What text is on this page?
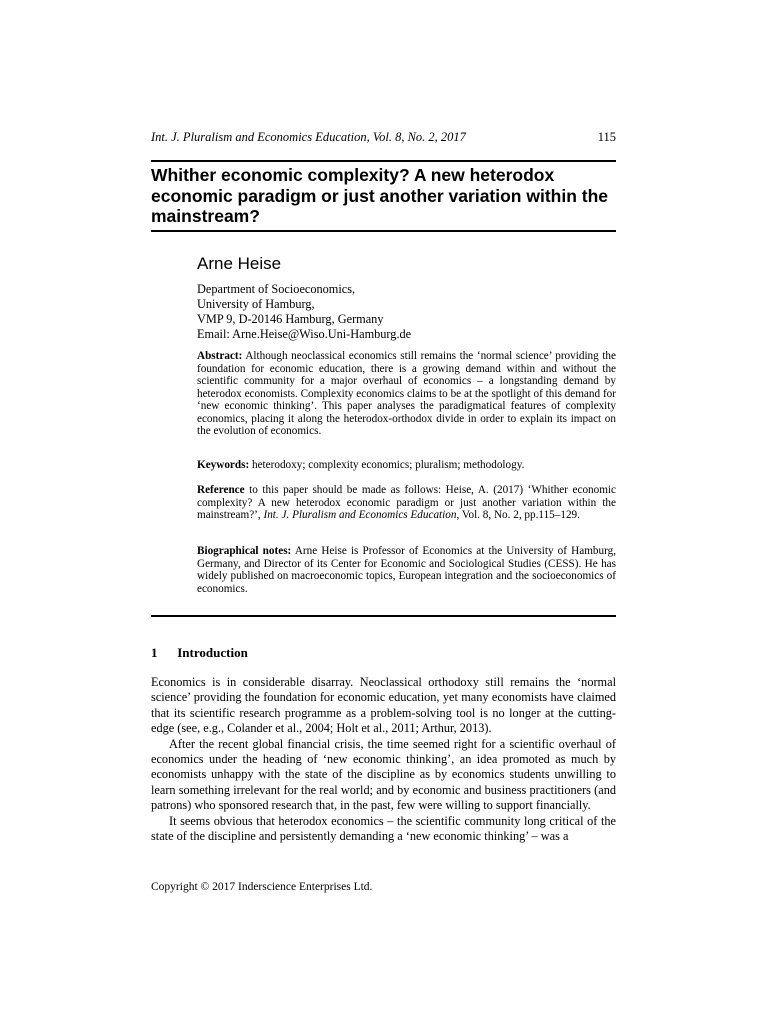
Int. J. Pluralism and Economics Education, Vol. 8, No. 2, 2017	115
Whither economic complexity? A new heterodox economic paradigm or just another variation within the mainstream?
Arne Heise
Department of Socioeconomics,
University of Hamburg,
VMP 9, D-20146 Hamburg, Germany
Email: Arne.Heise@Wiso.Uni-Hamburg.de
Abstract: Although neoclassical economics still remains the ‘normal science’ providing the foundation for economic education, there is a growing demand within and without the scientific community for a major overhaul of economics – a longstanding demand by heterodox economists. Complexity economics claims to be at the spotlight of this demand for ‘new economic thinking’. This paper analyses the paradigmatical features of complexity economics, placing it along the heterodox-orthodox divide in order to explain its impact on the evolution of economics.
Keywords: heterodoxy; complexity economics; pluralism; methodology.
Reference to this paper should be made as follows: Heise, A. (2017) ‘Whither economic complexity? A new heterodox economic paradigm or just another variation within the mainstream?’, Int. J. Pluralism and Economics Education, Vol. 8, No. 2, pp.115–129.
Biographical notes: Arne Heise is Professor of Economics at the University of Hamburg, Germany, and Director of its Center for Economic and Sociological Studies (CESS). He has widely published on macroeconomic topics, European integration and the socioeconomics of economics.
1 Introduction

Economics is in considerable disarray. Neoclassical orthodoxy still remains the ‘normal science’ providing the foundation for economic education, yet many economists have claimed that its scientific research programme as a problem-solving tool is no longer at the cutting-edge (see, e.g., Colander et al., 2004; Holt et al., 2011; Arthur, 2013).

After the recent global financial crisis, the time seemed right for a scientific overhaul of economics under the heading of ‘new economic thinking’, an idea promoted as much by economists unhappy with the state of the discipline as by economics students unwilling to learn something irrelevant for the real world; and by economic and business practitioners (and patrons) who sponsored research that, in the past, few were willing to support financially.

It seems obvious that heterodox economics – the scientific community long critical of the state of the discipline and persistently demanding a ‘new economic thinking’ – was a

Copyright © 2017 Inderscience Enterprises Ltd.
